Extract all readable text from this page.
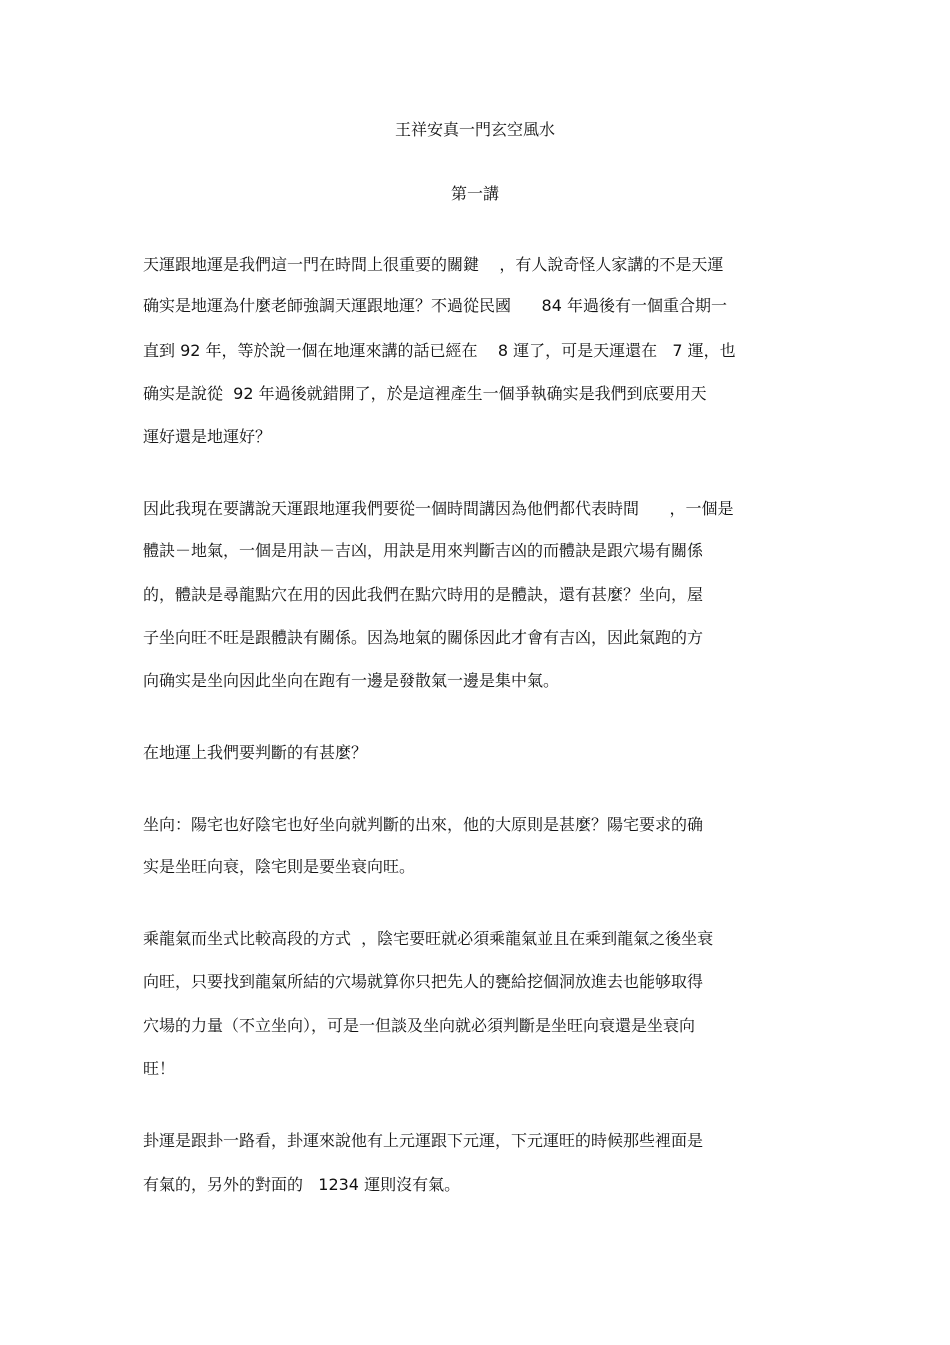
王祥安真一門玄空風水
第一講
天運跟地運是我們這一門在時間上很重要的關鍵    ，有人說奇怪人家講的不是天運
确实是地運為什麼老師強調天運跟地運？不過從民國      84 年過後有一個重合期一
直到 92 年，等於說一個在地運來講的話已經在    8 運了，可是天運還在   7 運，也
确实是說從  92 年過後就錯開了，於是這裡產生一個爭執确实是我們到底要用天
運好還是地運好？
因此我現在要講說天運跟地運我們要從一個時間講因為他們都代表時間      ，一個是
體訣－地氣，一個是用訣－吉凶，用訣是用來判斷吉凶的而體訣是跟穴場有關係
的，體訣是尋龍點穴在用的因此我們在點穴時用的是體訣，還有甚麼？坐向，屋
子坐向旺不旺是跟體訣有關係。因為地氣的關係因此才會有吉凶，因此氣跑的方
向确实是坐向因此坐向在跑有一邊是發散氣一邊是集中氣。
在地運上我們要判斷的有甚麼？
坐向：陽宅也好陰宅也好坐向就判斷的出來，他的大原則是甚麼？陽宅要求的确
实是坐旺向衰，陰宅則是要坐衰向旺。
乘龍氣而坐式比較高段的方式  ，陰宅要旺就必須乘龍氣並且在乘到龍氣之後坐衰
向旺，只要找到龍氣所結的穴場就算你只把先人的甕給挖個洞放進去也能够取得
穴場的力量（不立坐向），可是一但談及坐向就必須判斷是坐旺向衰還是坐衰向
旺！
卦運是跟卦一路看，卦運來說他有上元運跟下元運，下元運旺的時候那些裡面是
有氣的，另外的對面的   1234 運則沒有氣。
